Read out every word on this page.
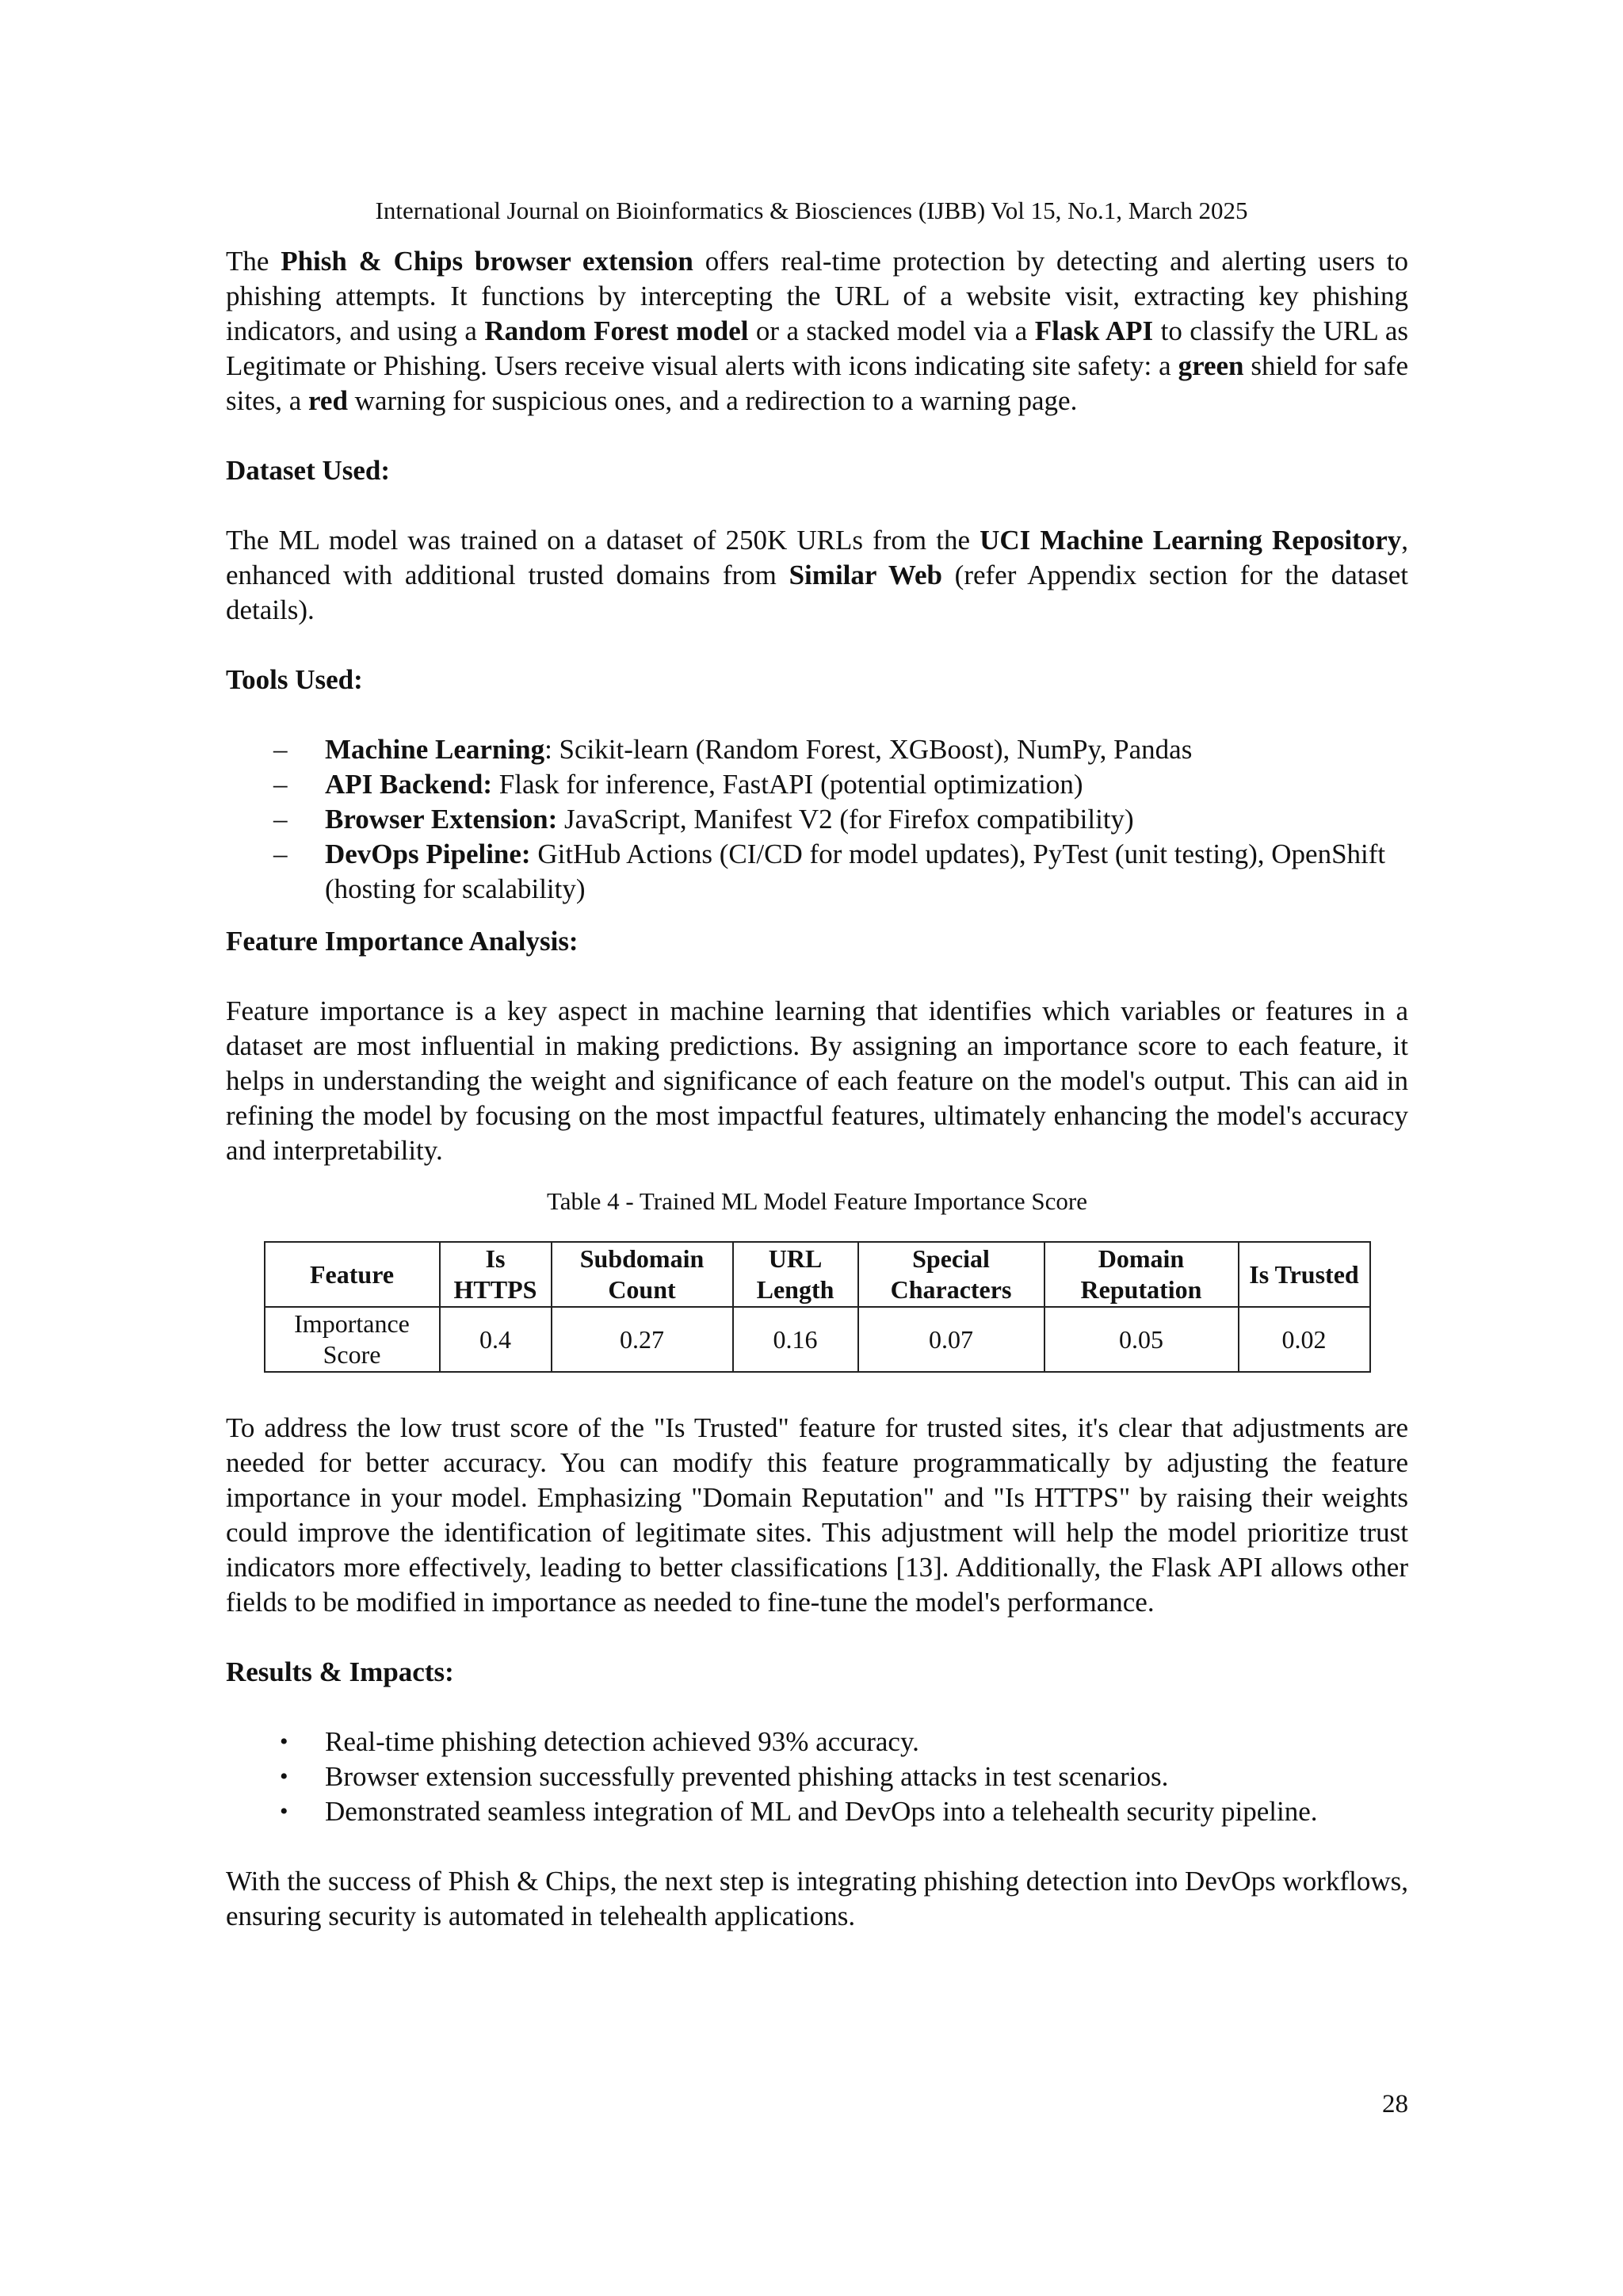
International Journal on Bioinformatics & Biosciences (IJBB) Vol 15, No.1, March 2025

The Phish & Chips browser extension offers real-time protection by detecting and alerting users to phishing attempts. It functions by intercepting the URL of a website visit, extracting key phishing indicators, and using a Random Forest model or a stacked model via a Flask API to classify the URL as Legitimate or Phishing. Users receive visual alerts with icons indicating site safety: a green shield for safe sites, a red warning for suspicious ones, and a redirection to a warning page.

Dataset Used:

The ML model was trained on a dataset of 250K URLs from the UCI Machine Learning Repository, enhanced with additional trusted domains from Similar Web (refer Appendix section for the dataset details).

Tools Used:

– Machine Learning: Scikit-learn (Random Forest, XGBoost), NumPy, Pandas
– API Backend: Flask for inference, FastAPI (potential optimization)
– Browser Extension: JavaScript, Manifest V2 (for Firefox compatibility)
– DevOps Pipeline: GitHub Actions (CI/CD for model updates), PyTest (unit testing), OpenShift (hosting for scalability)

Feature Importance Analysis:

Feature importance is a key aspect in machine learning that identifies which variables or features in a dataset are most influential in making predictions. By assigning an importance score to each feature, it helps in understanding the weight and significance of each feature on the model's output. This can aid in refining the model by focusing on the most impactful features, ultimately enhancing the model's accuracy and interpretability.

Table 4 - Trained ML Model Feature Importance Score

Feature	Is HTTPS	Subdomain Count	URL Length	Special Characters	Domain Reputation	Is Trusted
Importance Score	0.4	0.27	0.16	0.07	0.05	0.02

To address the low trust score of the "Is Trusted" feature for trusted sites, it's clear that adjustments are needed for better accuracy. You can modify this feature programmatically by adjusting the feature importance in your model. Emphasizing "Domain Reputation" and "Is HTTPS" by raising their weights could improve the identification of legitimate sites. This adjustment will help the model prioritize trust indicators more effectively, leading to better classifications [13]. Additionally, the Flask API allows other fields to be modified in importance as needed to fine-tune the model's performance.

Results & Impacts:

• Real-time phishing detection achieved 93% accuracy.
• Browser extension successfully prevented phishing attacks in test scenarios.
• Demonstrated seamless integration of ML and DevOps into a telehealth security pipeline.

With the success of Phish & Chips, the next step is integrating phishing detection into DevOps workflows, ensuring security is automated in telehealth applications.

28
